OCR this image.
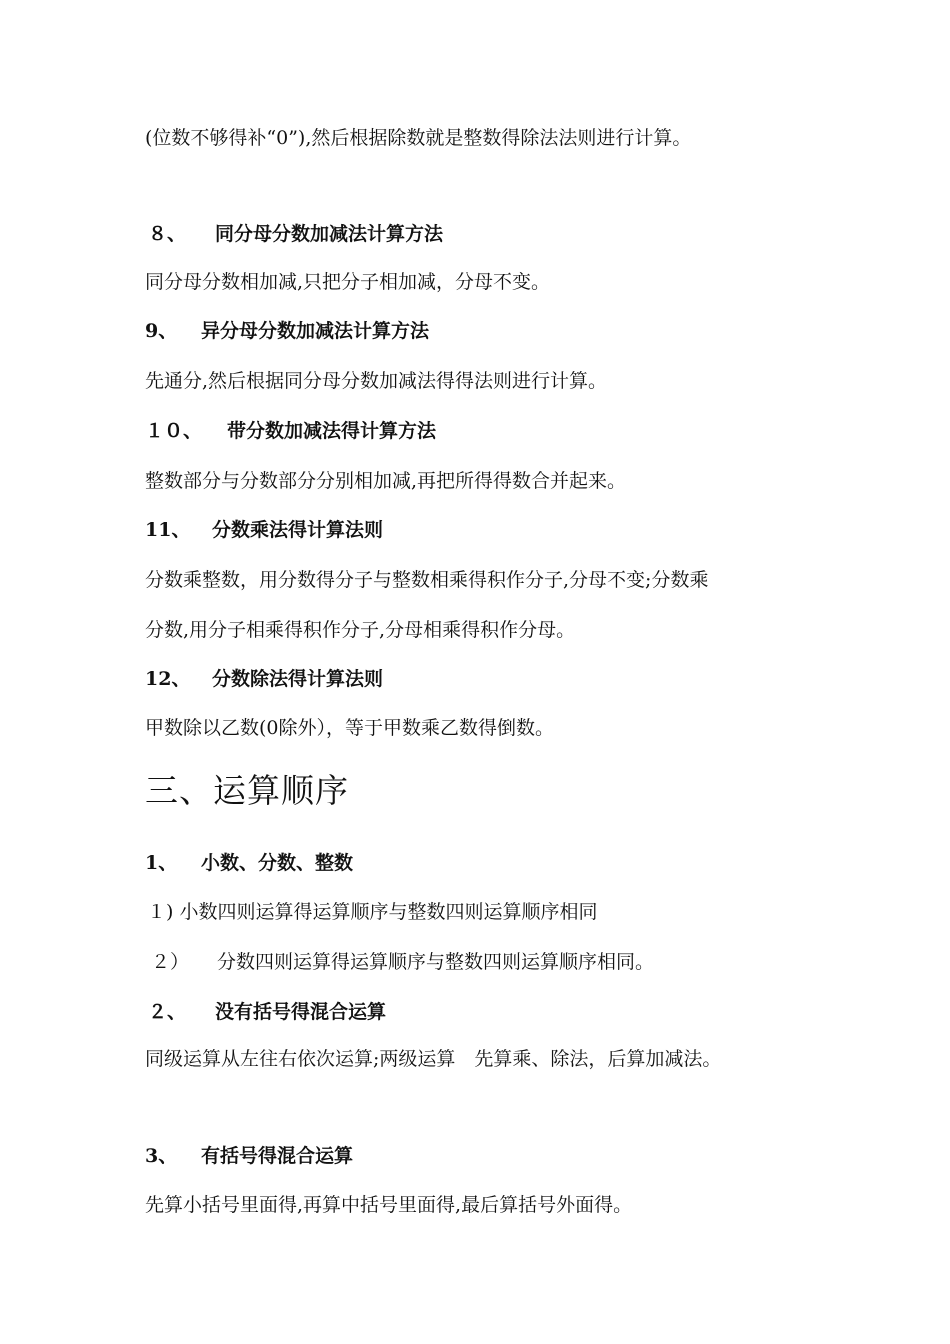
(位数不够得补“0”),然后根据除数就是整数得除法法则进行计算。
８、 同分母分数加减法计算方法
同分母分数相加减,只把分子相加减，分母不变。
9、 异分母分数加减法计算方法
先通分,然后根据同分母分数加减法得得法则进行计算。
１０、 带分数加减法得计算方法
整数部分与分数部分分别相加减,再把所得得数合并起来。
11、 分数乘法得计算法则
分数乘整数，用分数得分子与整数相乘得积作分子,分母不变;分数乘
分数,用分子相乘得积作分子,分母相乘得积作分母。
12、 分数除法得计算法则
甲数除以乙数(0除外），等于甲数乘乙数得倒数。
三、运算顺序
1、 小数、分数、整数
１) 小数四则运算得运算顺序与整数四则运算顺序相同
２） 分数四则运算得运算顺序与整数四则运算顺序相同。
２、 没有括号得混合运算
同级运算从左往右依次运算;两级运算　先算乘、除法，后算加减法。
3、 有括号得混合运算
先算小括号里面得,再算中括号里面得,最后算括号外面得。
